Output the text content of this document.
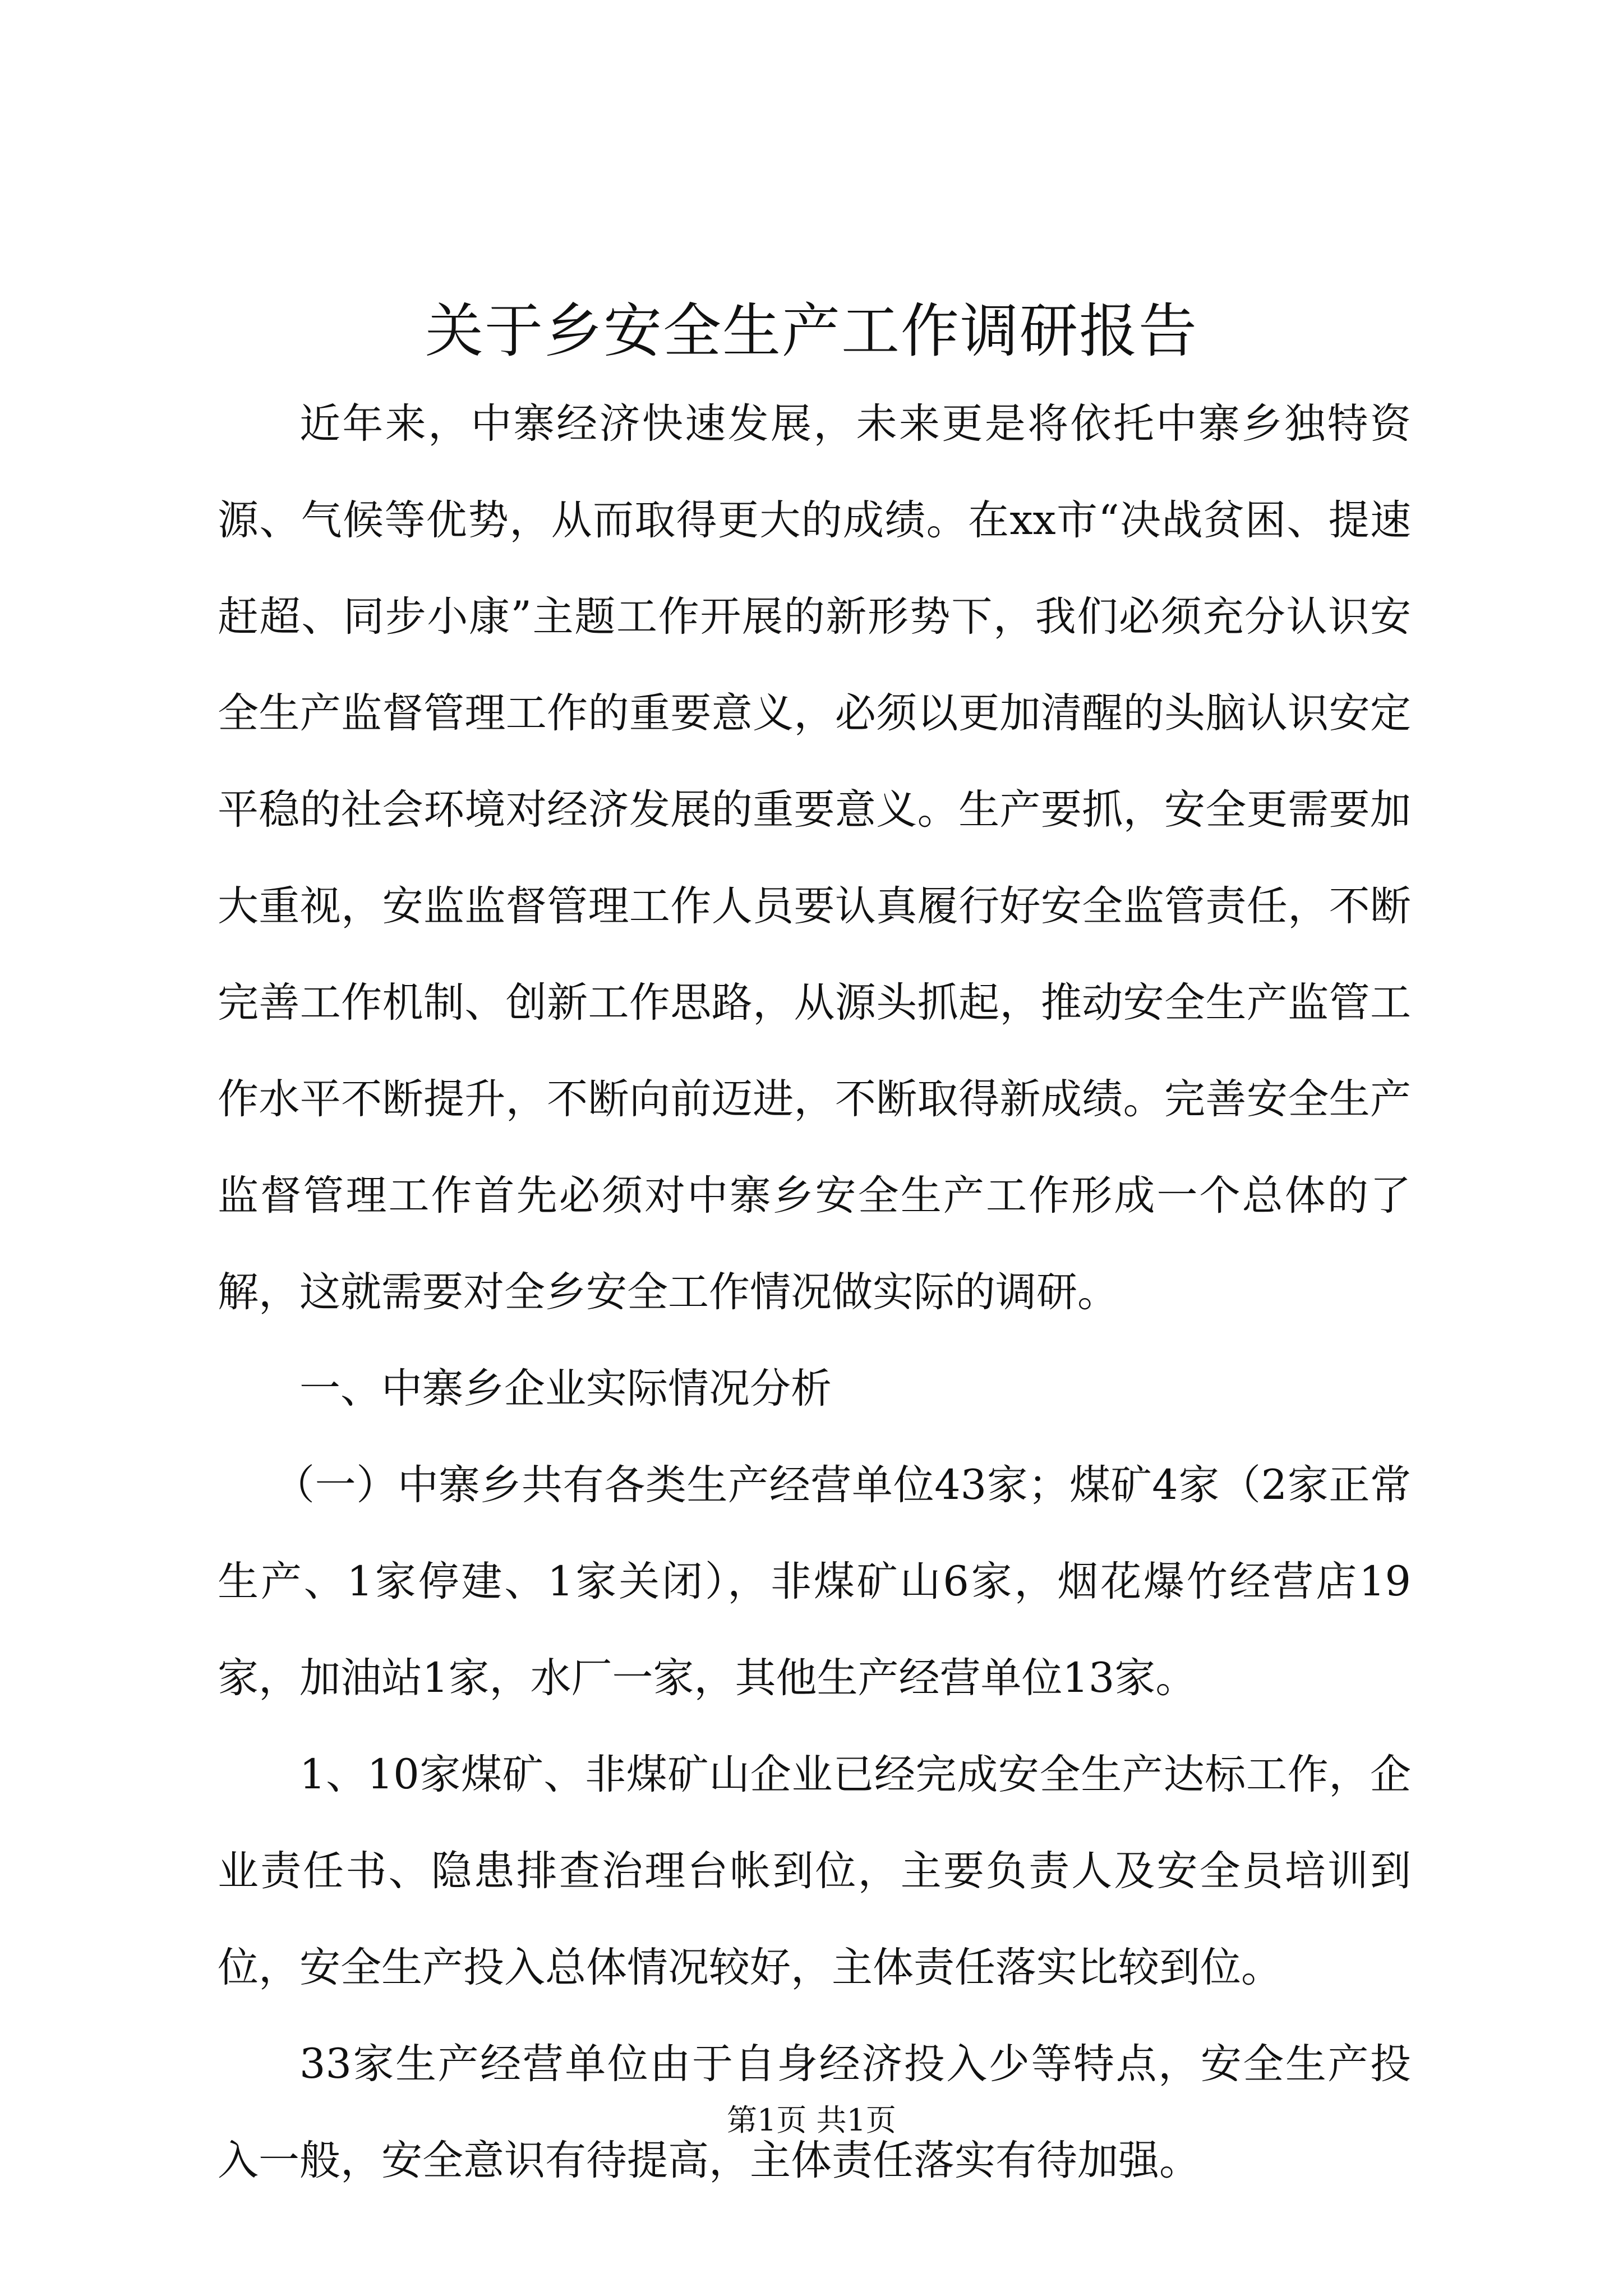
关于乡安全生产工作调研报告

近年来，中寨经济快速发展，未来更是将依托中寨乡独特资源、气候等优势，从而取得更大的成绩。在xx市“决战贫困、提速赶超、同步小康”主题工作开展的新形势下，我们必须充分认识安全生产监督管理工作的重要意义，必须以更加清醒的头脑认识安定平稳的社会环境对经济发展的重要意义。生产要抓，安全更需要加大重视，安监监督管理工作人员要认真履行好安全监管责任，不断完善工作机制、创新工作思路，从源头抓起，推动安全生产监管工作水平不断提升，不断向前迈进，不断取得新成绩。完善安全生产监督管理工作首先必须对中寨乡安全生产工作形成一个总体的了解，这就需要对全乡安全工作情况做实际的调研。

一、中寨乡企业实际情况分析

（一）中寨乡共有各类生产经营单位43家；煤矿4家（2家正常生产、1家停建、1家关闭），非煤矿山6家，烟花爆竹经营店19家，加油站1家，水厂一家，其他生产经营单位13家。

1、10家煤矿、非煤矿山企业已经完成安全生产达标工作，企业责任书、隐患排查治理台帐到位，主要负责人及安全员培训到位，安全生产投入总体情况较好，主体责任落实比较到位。

33家生产经营单位由于自身经济投入少等特点，安全生产投入一般，安全意识有待提高，主体责任落实有待加强。

第1页 共1页
